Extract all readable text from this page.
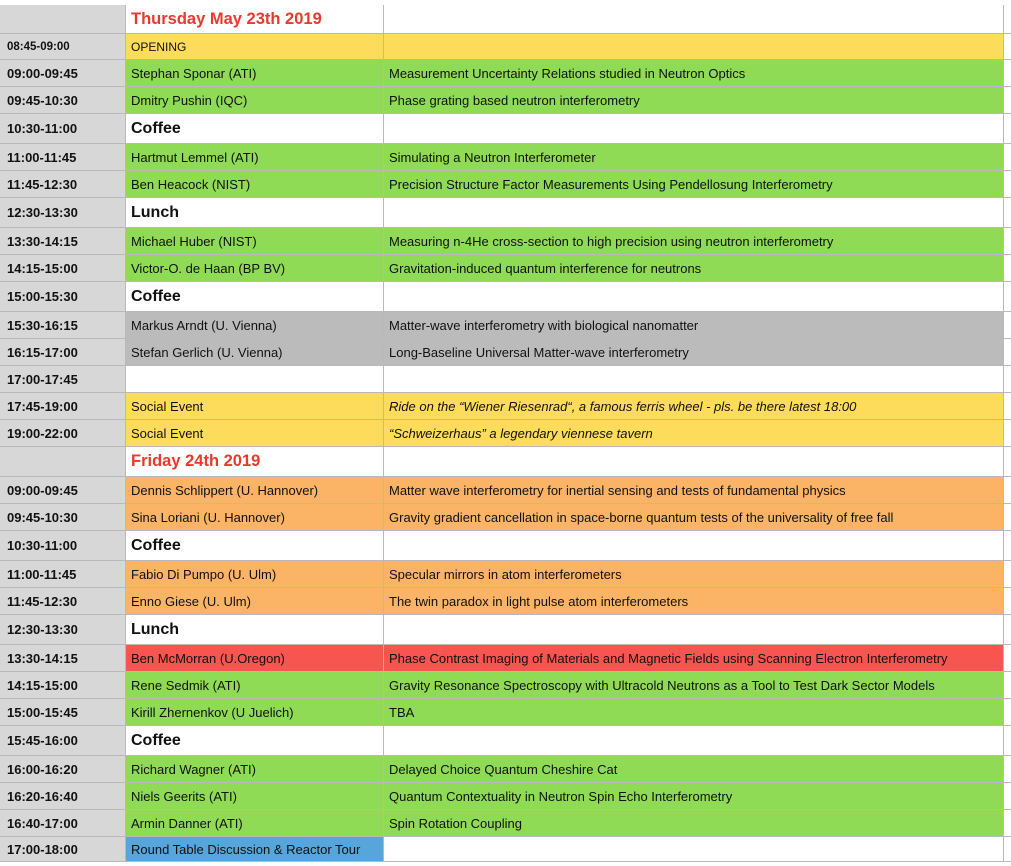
Thursday May 23th 2019
08:45-09:00	OPENING
09:00-09:45	Stephan Sponar (ATI)	Measurement Uncertainty Relations studied in Neutron Optics
09:45-10:30	Dmitry Pushin (IQC)	Phase grating based neutron interferometry
10:30-11:00	Coffee
11:00-11:45	Hartmut Lemmel (ATI)	Simulating a Neutron Interferometer
11:45-12:30	Ben Heacock (NIST)	Precision Structure Factor Measurements Using Pendellosung Interferometry
12:30-13:30	Lunch
13:30-14:15	Michael Huber (NIST)	Measuring n-4He cross-section to high precision using neutron interferometry
14:15-15:00	Victor-O. de Haan (BP BV)	Gravitation-induced quantum interference for neutrons
15:00-15:30	Coffee
15:30-16:15	Markus Arndt (U. Vienna)	Matter-wave interferometry with biological nanomatter
16:15-17:00	Stefan Gerlich (U. Vienna)	Long-Baseline Universal Matter-wave interferometry
17:00-17:45
17:45-19:00	Social Event	Ride on the “Wiener Riesenrad“, a famous ferris wheel - pls. be there latest 18:00
19:00-22:00	Social Event	“Schweizerhaus” a legendary viennese tavern
Friday 24th 2019
09:00-09:45	Dennis Schlippert (U. Hannover)	Matter wave interferometry for inertial sensing and tests of fundamental physics
09:45-10:30	Sina Loriani (U. Hannover)	Gravity gradient cancellation in space-borne quantum tests of the universality of free fall
10:30-11:00	Coffee
11:00-11:45	Fabio Di Pumpo (U. Ulm)	Specular mirrors in atom interferometers
11:45-12:30	Enno Giese (U. Ulm)	The twin paradox in light pulse atom interferometers
12:30-13:30	Lunch
13:30-14:15	Ben McMorran (U.Oregon)	Phase Contrast Imaging of Materials and Magnetic Fields using Scanning Electron Interferometry
14:15-15:00	Rene Sedmik (ATI)	Gravity Resonance Spectroscopy with Ultracold Neutrons as a Tool to Test Dark Sector Models
15:00-15:45	Kirill Zhernenkov (U Juelich)	TBA
15:45-16:00	Coffee
16:00-16:20	Richard Wagner (ATI)	Delayed Choice Quantum Cheshire Cat
16:20-16:40	Niels Geerits (ATI)	Quantum Contextuality in Neutron Spin Echo Interferometry
16:40-17:00	Armin Danner (ATI)	Spin Rotation Coupling
17:00-18:00	Round Table Discussion & Reactor Tour
